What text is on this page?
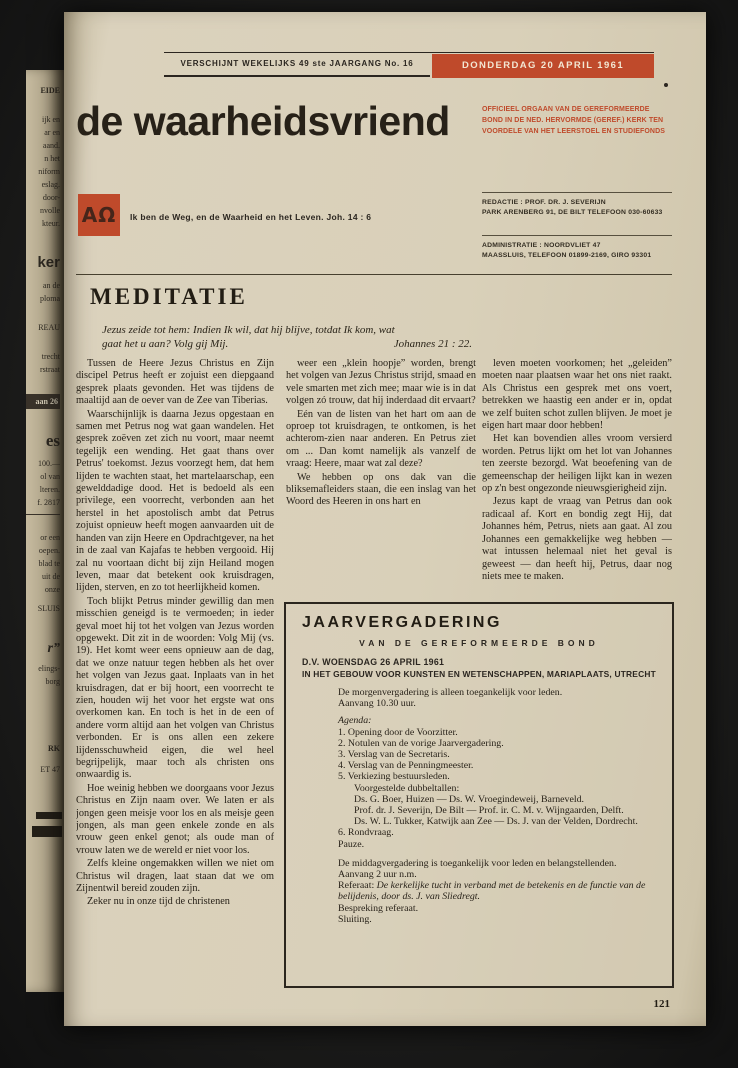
EIDE
ijk en
ar en
aand.
n het
niform
eslag.
door-
nvolle
kteur.
ker
an de
ploma
REAU
trecht
rstraat
aan 26
es
100.—
ol van
lteren.
f. 2817
or een
oepen.
blad te
uit de
onze
SLUIS
r”
elings-
borg
RK
ET 47
VERSCHIJNT WEKELIJKS 49 ste JAARGANG No. 16	DONDERDAG 20 APRIL 1961
de waarheidsvriend
ΑΩ Ik ben de Weg, en de Waarheid en het Leven. Joh. 14 : 6
OFFICIEEL ORGAAN VAN DE GEREFORMEERDE
BOND IN DE NED. HERVORMDE (GEREF.) KERK TEN
VOORDELE VAN HET LEERSTOEL EN STUDIEFONDS
REDACTIE : PROF. DR. J. SEVERIJN
PARK ARENBERG 91, DE BILT TELEFOON 030-60633
ADMINISTRATIE : NOORDVLIET 47
MAASSLUIS, TELEFOON 01899-2169, GIRO 93301
MEDITATIE
Jezus zeide tot hem: Indien Ik wil, dat hij blijve, totdat Ik kom, wat
gaat het u aan? Volg gij Mij.	Johannes 21 : 22.

Tussen de Heere Jezus Christus en Zijn discipel Petrus heeft er zojuist een diepgaand gesprek plaats gevonden. Het was tijdens de maaltijd aan de oever van de Zee van Tiberias.

Waarschijnlijk is daarna Jezus opgestaan en samen met Petrus nog wat gaan wandelen. Het gesprek zoëven zet zich nu voort, maar neemt tegelijk een wending. Het gaat thans over Petrus' toekomst. Jezus voorzegt hem, dat hem lijden te wachten staat, het martelaarschap, een gewelddadige dood. Het is bedoeld als een privilege, een voorrecht, verbonden aan het herstel in het apostolisch ambt dat Petrus zojuist opnieuw heeft mogen aanvaarden uit de handen van zijn Heere en Opdrachtgever, na het in de zaal van Kajafas te hebben vergooid. Hij zal nu voortaan dicht bij zijn Heiland mogen leven, maar dat betekent ook kruisdragen, lijden, sterven, en zo tot heerlijkheid komen.

Toch blijkt Petrus minder gewillig dan men misschien geneigd is te vermoeden; in ieder geval moet hij tot het volgen van Jezus worden opgewekt. Dit zit in de woorden: Volg Mij (vs. 19). Het komt weer eens opnieuw aan de dag, dat we onze natuur tegen hebben als het over het volgen van Jezus gaat. Inplaats van in het kruisdragen, dat er bij hoort, een voorrecht te zien, houden wij het voor het ergste wat ons overkomen kan. En toch is het in de een of andere vorm altijd aan het volgen van Christus verbonden. Er is ons allen een zekere lijdensschuwheid eigen, die wel heel begrijpelijk, maar toch als christen ons onwaardig is.

Hoe weinig hebben we doorgaans voor Jezus Christus en Zijn naam over. We laten er als jongen geen meisje voor los en als meisje geen jongen, als man geen enkele zonde en als vrouw geen enkel genot; als oude man of vrouw laten we de wereld er niet voor los.

Zelfs kleine ongemakken willen we niet om Christus wil dragen, laat staan dat we om Zijnentwil bereid zouden zijn.

Zeker nu in onze tijd de christenen

weer een „klein hoopje” worden, brengt het volgen van Jezus Christus strijd, smaad en vele smarten met zich mee; maar wie is in dat volgen zó trouw, dat hij inderdaad dit ervaart?

Eén van de listen van het hart om aan de oproep tot kruisdragen, te ontkomen, is het achterom-zien naar anderen. En Petrus ziet om ... Dan komt namelijk als vanzelf de vraag: Heere, maar wat zal deze?

We hebben op ons dak van die bliksemafleiders staan, die een inslag van het Woord des Heeren in ons hart en

leven moeten voorkomen; het „geleiden” moeten naar plaatsen waar het ons niet raakt. Als Christus een gesprek met ons voert, betrekken we haastig een ander er in, opdat we zelf buiten schot zullen blijven. Je moet je eigen hart maar door hebben!

Het kan bovendien alles vroom versierd worden. Petrus lijkt om het lot van Johannes ten zeerste bezorgd. Wat beoefening van de gemeenschap der heiligen lijkt kan in wezen op z'n best ongezonde nieuwsgierigheid zijn.

Jezus kapt de vraag van Petrus dan ook radicaal af. Kort en bondig zegt Hij, dat Johannes hém, Petrus, niets aan gaat. Al zou Johannes een gemakkelijke weg hebben — wat intussen helemaal niet het geval is geweest — dan heeft hij, Petrus, daar nog niets mee te maken.

JAARVERGADERING
VAN DE GEREFORMEERDE BOND
D.V. WOENSDAG 26 APRIL 1961
IN HET GEBOUW VOOR KUNSTEN EN WETENSCHAPPEN, MARIAPLAATS, UTRECHT
De morgenvergadering is alleen toegankelijk voor leden.
Aanvang 10.30 uur.
Agenda:
1. Opening door de Voorzitter.
2. Notulen van de vorige Jaarvergadering.
3. Verslag van de Secretaris.
4. Verslag van de Penningmeester.
5. Verkiezing bestuursleden.
Voorgestelde dubbeltallen:
Ds. G. Boer, Huizen — Ds. W. Vroegindeweij, Barneveld.
Prof. dr. J. Severijn, De Bilt — Prof. ir. C. M. v. Wijngaarden, Delft.
Ds. W. L. Tukker, Katwijk aan Zee — Ds. J. van der Velden, Dordrecht.
6. Rondvraag.
Pauze.
De middagvergadering is toegankelijk voor leden en belangstellenden.
Aanvang 2 uur n.m.
Referaat: De kerkelijke tucht in verband met de betekenis en de functie van de belijdenis, door ds. J. van Sliedregt.
Bespreking referaat.
Sluiting.
121
